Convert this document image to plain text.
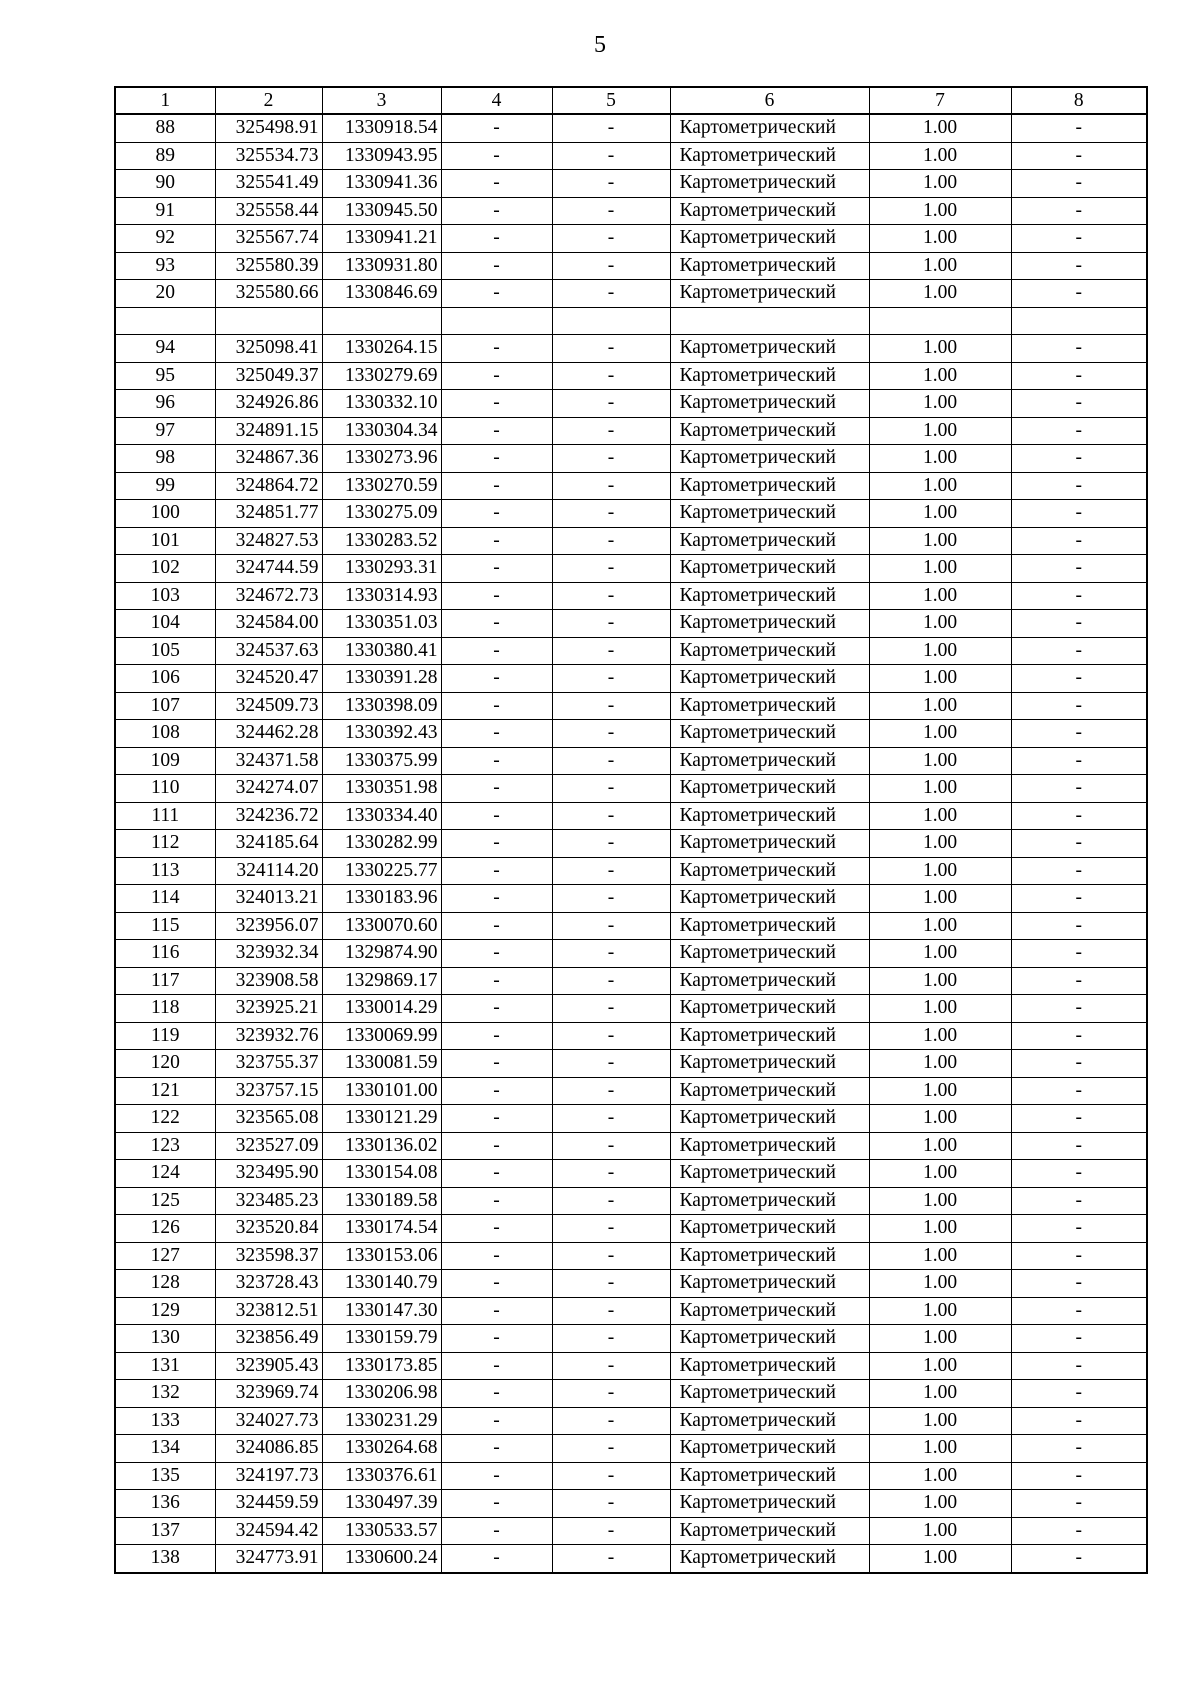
5
1	2	3	4	5	6	7	8
88	325498.91	1330918.54	-	-	Картометрический	1.00	-
89	325534.73	1330943.95	-	-	Картометрический	1.00	-
90	325541.49	1330941.36	-	-	Картометрический	1.00	-
91	325558.44	1330945.50	-	-	Картометрический	1.00	-
92	325567.74	1330941.21	-	-	Картометрический	1.00	-
93	325580.39	1330931.80	-	-	Картометрический	1.00	-
20	325580.66	1330846.69	-	-	Картометрический	1.00	-

94	325098.41	1330264.15	-	-	Картометрический	1.00	-
95	325049.37	1330279.69	-	-	Картометрический	1.00	-
96	324926.86	1330332.10	-	-	Картометрический	1.00	-
97	324891.15	1330304.34	-	-	Картометрический	1.00	-
98	324867.36	1330273.96	-	-	Картометрический	1.00	-
99	324864.72	1330270.59	-	-	Картометрический	1.00	-
100	324851.77	1330275.09	-	-	Картометрический	1.00	-
101	324827.53	1330283.52	-	-	Картометрический	1.00	-
102	324744.59	1330293.31	-	-	Картометрический	1.00	-
103	324672.73	1330314.93	-	-	Картометрический	1.00	-
104	324584.00	1330351.03	-	-	Картометрический	1.00	-
105	324537.63	1330380.41	-	-	Картометрический	1.00	-
106	324520.47	1330391.28	-	-	Картометрический	1.00	-
107	324509.73	1330398.09	-	-	Картометрический	1.00	-
108	324462.28	1330392.43	-	-	Картометрический	1.00	-
109	324371.58	1330375.99	-	-	Картометрический	1.00	-
110	324274.07	1330351.98	-	-	Картометрический	1.00	-
111	324236.72	1330334.40	-	-	Картометрический	1.00	-
112	324185.64	1330282.99	-	-	Картометрический	1.00	-
113	324114.20	1330225.77	-	-	Картометрический	1.00	-
114	324013.21	1330183.96	-	-	Картометрический	1.00	-
115	323956.07	1330070.60	-	-	Картометрический	1.00	-
116	323932.34	1329874.90	-	-	Картометрический	1.00	-
117	323908.58	1329869.17	-	-	Картометрический	1.00	-
118	323925.21	1330014.29	-	-	Картометрический	1.00	-
119	323932.76	1330069.99	-	-	Картометрический	1.00	-
120	323755.37	1330081.59	-	-	Картометрический	1.00	-
121	323757.15	1330101.00	-	-	Картометрический	1.00	-
122	323565.08	1330121.29	-	-	Картометрический	1.00	-
123	323527.09	1330136.02	-	-	Картометрический	1.00	-
124	323495.90	1330154.08	-	-	Картометрический	1.00	-
125	323485.23	1330189.58	-	-	Картометрический	1.00	-
126	323520.84	1330174.54	-	-	Картометрический	1.00	-
127	323598.37	1330153.06	-	-	Картометрический	1.00	-
128	323728.43	1330140.79	-	-	Картометрический	1.00	-
129	323812.51	1330147.30	-	-	Картометрический	1.00	-
130	323856.49	1330159.79	-	-	Картометрический	1.00	-
131	323905.43	1330173.85	-	-	Картометрический	1.00	-
132	323969.74	1330206.98	-	-	Картометрический	1.00	-
133	324027.73	1330231.29	-	-	Картометрический	1.00	-
134	324086.85	1330264.68	-	-	Картометрический	1.00	-
135	324197.73	1330376.61	-	-	Картометрический	1.00	-
136	324459.59	1330497.39	-	-	Картометрический	1.00	-
137	324594.42	1330533.57	-	-	Картометрический	1.00	-
138	324773.91	1330600.24	-	-	Картометрический	1.00	-
